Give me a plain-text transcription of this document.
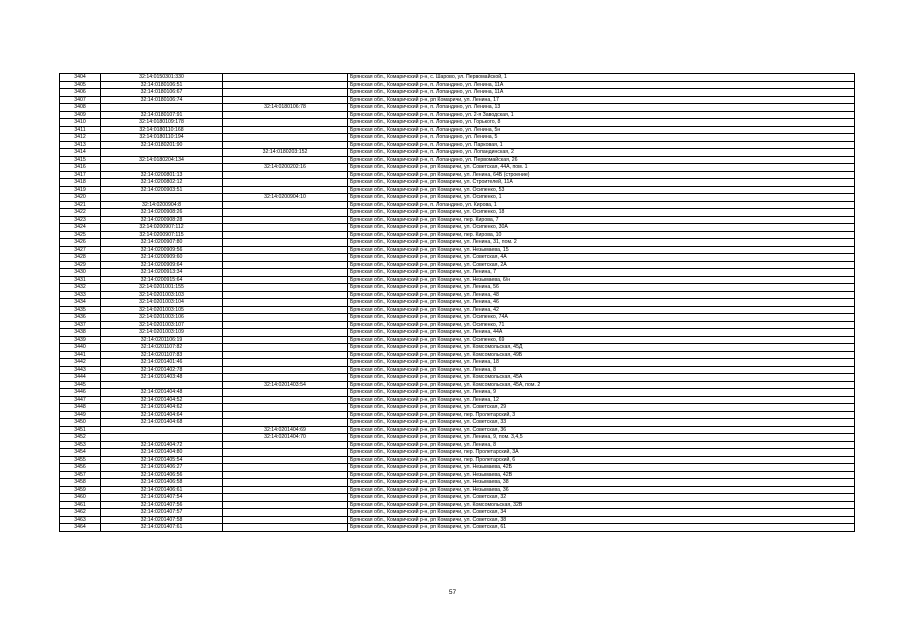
3404	32:14:0150301:330		Брянская обл., Комаричский р-н, с. Шарово, ул. Первомайской, 1
3405	32:14:0180106:51		Брянская обл., Комаричский р-н, п. Лопандино, ул. Ленина, 11А
3406	32:14:0180106:67		Брянская обл., Комаричский р-н, п. Лопандино, ул. Ленина, 11А
3407	32:14:0180106:74		Брянская обл., Комаричский р-н, рп Комаричи, ул. Ленина, 17
3408		32:14:0180106:78	Брянская обл., Комаричский р-н, п. Лопандино, ул. Ленина, 13
3409	32:14:0180107:91		Брянская обл., Комаричский р-н, п. Лопандино, ул. 2-я Заводская, 1
3410	32:14:0180109:178		Брянская обл., Комаричский р-н, п. Лопандино, ул. Горького, 8
3411	32:14:0180110:168		Брянская обл., Комаричский р-н, п. Лопандино, ул. Ленина, 5н
3412	32:14:0180110:194		Брянская обл., Комаричский р-н, п. Лопандино, ул. Ленина, 5
3413	32:14:0180201:90		Брянская обл., Комаричский р-н, п. Лопандино, ул. Парковая, 1
3414		32:14:0180203:152	Брянская обл., Комаричский р-н, п. Лопандино, ул. Лопандинская, 2
3415	32:14:0180204:134		Брянская обл., Комаричский р-н, п. Лопандино, ул. Первомайская, 26
3416		32:14:0200202:16	Брянская обл., Комаричский р-н, рп Комаричи, ул. Советская, 44А, пом. 1
3417	32:14:0200801:13		Брянская обл., Комаричский р-н, рп Комаричи, ул. Ленина, 64Б (строение)
3418	32:14:0200802:12		Брянская обл., Комаричский р-н, рп Комаричи, ул. Строителей, 11А
3419	32:14:0200903:51		Брянская обл., Комаричский р-н, рп Комаричи, ул. Осипенко, 53
3420		32:14:0200904:10	Брянская обл., Комаричский р-н, рп Комаричи, ул. Осипенко, 1
3421	32:14:0200904:8		Брянская обл., Комаричский р-н, п. Лопандино, ул. Кирова, 1
3422	32:14:0200908:26		Брянская обл., Комаричский р-н, рп Комаричи, ул. Осипенко, 18
3423	32:14:0200908:28		Брянская обл., Комаричский р-н, рп Комаричи, пер. Кирова, 7
3424	32:14:0200907:112		Брянская обл., Комаричский р-н, рп Комаричи, ул. Осипенко, 30А
3425	32:14:0200907:115		Брянская обл., Комаричский р-н, рп Комаричи, пер. Кирова, 10
3426	32:14:0200907:80		Брянская обл., Комаричский р-н, рп Комаричи, ул. Ленина, 31, пом. 2
3427	32:14:0200909:56		Брянская обл., Комаричский р-н, рп Комаричи, ул. Незымаева, 15
3428	32:14:0200909:60		Брянская обл., Комаричский р-н, рп Комаричи, ул. Советская, 4А
3429	32:14:0200909:64		Брянская обл., Комаричский р-н, рп Комаричи, ул. Советская, 2А
3430	32:14:0200913:34		Брянская обл., Комаричский р-н, рп Комаричи, ул. Ленина, 7
3431	32:14:0200915:64		Брянская обл., Комаричский р-н, рп Комаричи, ул. Незымаева, 6/н
3432	32:14:0201001:155		Брянская обл., Комаричский р-н, рп Комаричи, ул. Ленина, 56
3433	32:14:0201003:103		Брянская обл., Комаричский р-н, рп Комаричи, ул. Ленина, 48
3434	32:14:0201003:104		Брянская обл., Комаричский р-н, рп Комаричи, ул. Ленина, 46
3435	32:14:0201003:105		Брянская обл., Комаричский р-н, рп Комаричи, ул. Ленина, 42
3436	32:14:0201003:106		Брянская обл., Комаричский р-н, рп Комаричи, ул. Осипенко, 74А
3437	32:14:0201003:107		Брянская обл., Комаричский р-н, рп Комаричи, ул. Осипенко, 71
3438	32:14:0201003:109		Брянская обл., Комаричский р-н, рп Комаричи, ул. Ленина, 44А
3439	32:14:0201106:19		Брянская обл., Комаричский р-н, рп Комаричи, ул. Осипенко, 69
3440	32:14:0201107:82		Брянская обл., Комаричский р-н, рп Комаричи, ул. Комсомольская, 45Д
3441	32:14:0201107:83		Брянская обл., Комаричский р-н, рп Комаричи, ул. Комсомольская, 49Б
3442	32:14:0201401:46		Брянская обл., Комаричский р-н, рп Комаричи, ул. Ленина, 18
3443	32:14:0201402:78		Брянская обл., Комаричский р-н, рп Комаричи, ул. Ленина, 8
3444	32:14:0201403:48		Брянская обл., Комаричский р-н, рп Комаричи, ул. Комсомольская, 45А
3445		32:14:0201403:54	Брянская обл., Комаричский р-н, рп Комаричи, ул. Комсомольская, 45А, пом. 2
3446	32:14:0201404:48		Брянская обл., Комаричский р-н, рп Комаричи, ул. Ленина, 9
3447	32:14:0201404:52		Брянская обл., Комаричский р-н, рп Комаричи, ул. Ленина, 12
3448	32:14:0201404:62		Брянская обл., Комаричский р-н, рп Комаричи, ул. Советская, 29
3449	32:14:0201404:64		Брянская обл., Комаричский р-н, рп Комаричи, пер. Пролетарский, 3
3450	32:14:0201404:68		Брянская обл., Комаричский р-н, рп Комаричи, ул. Советская, 33
3451		32:14:0201404:69	Брянская обл., Комаричский р-н, рп Комаричи, ул. Советская, 36
3452		32:14:0201404:70	Брянская обл., Комаричский р-н, рп Комаричи, ул. Ленина, 9, пом. 3,4,5
3453	32:14:0201404:72		Брянская обл., Комаричский р-н, рп Комаричи, ул. Ленина, 8
3454	32:14:0201404:80		Брянская обл., Комаричский р-н, рп Комаричи, пер. Пролетарский, 3А
3455	32:14:0201405:54		Брянская обл., Комаричский р-н, рп Комаричи, пер. Пролетарский, 6
3456	32:14:0201406:27		Брянская обл., Комаричский р-н, рп Комаричи, ул. Незымаева, 42Б
3457	32:14:0201406:56		Брянская обл., Комаричский р-н, рп Комаричи, ул. Незымаева, 42В
3458	32:14:0201406:58		Брянская обл., Комаричский р-н, рп Комаричи, ул. Незымаева, 38
3459	32:14:0201406:61		Брянская обл., Комаричский р-н, рп Комаричи, ул. Незымаева, 36
3460	32:14:0201407:54		Брянская обл., Комаричский р-н, рп Комаричи, ул. Советская, 32
3461	32:14:0201407:56		Брянская обл., Комаричский р-н, рп Комаричи, ул. Комсомольская, 32В
3462	32:14:0201407:57		Брянская обл., Комаричский р-н, рп Комаричи, ул. Советская, 34
3463	32:14:0201407:58		Брянская обл., Комаричский р-н, рп Комаричи, ул. Советская, 38
3464	32:14:0201407:61		Брянская обл., Комаричский р-н, рп Комаричи, ул. Советская, 61
57
